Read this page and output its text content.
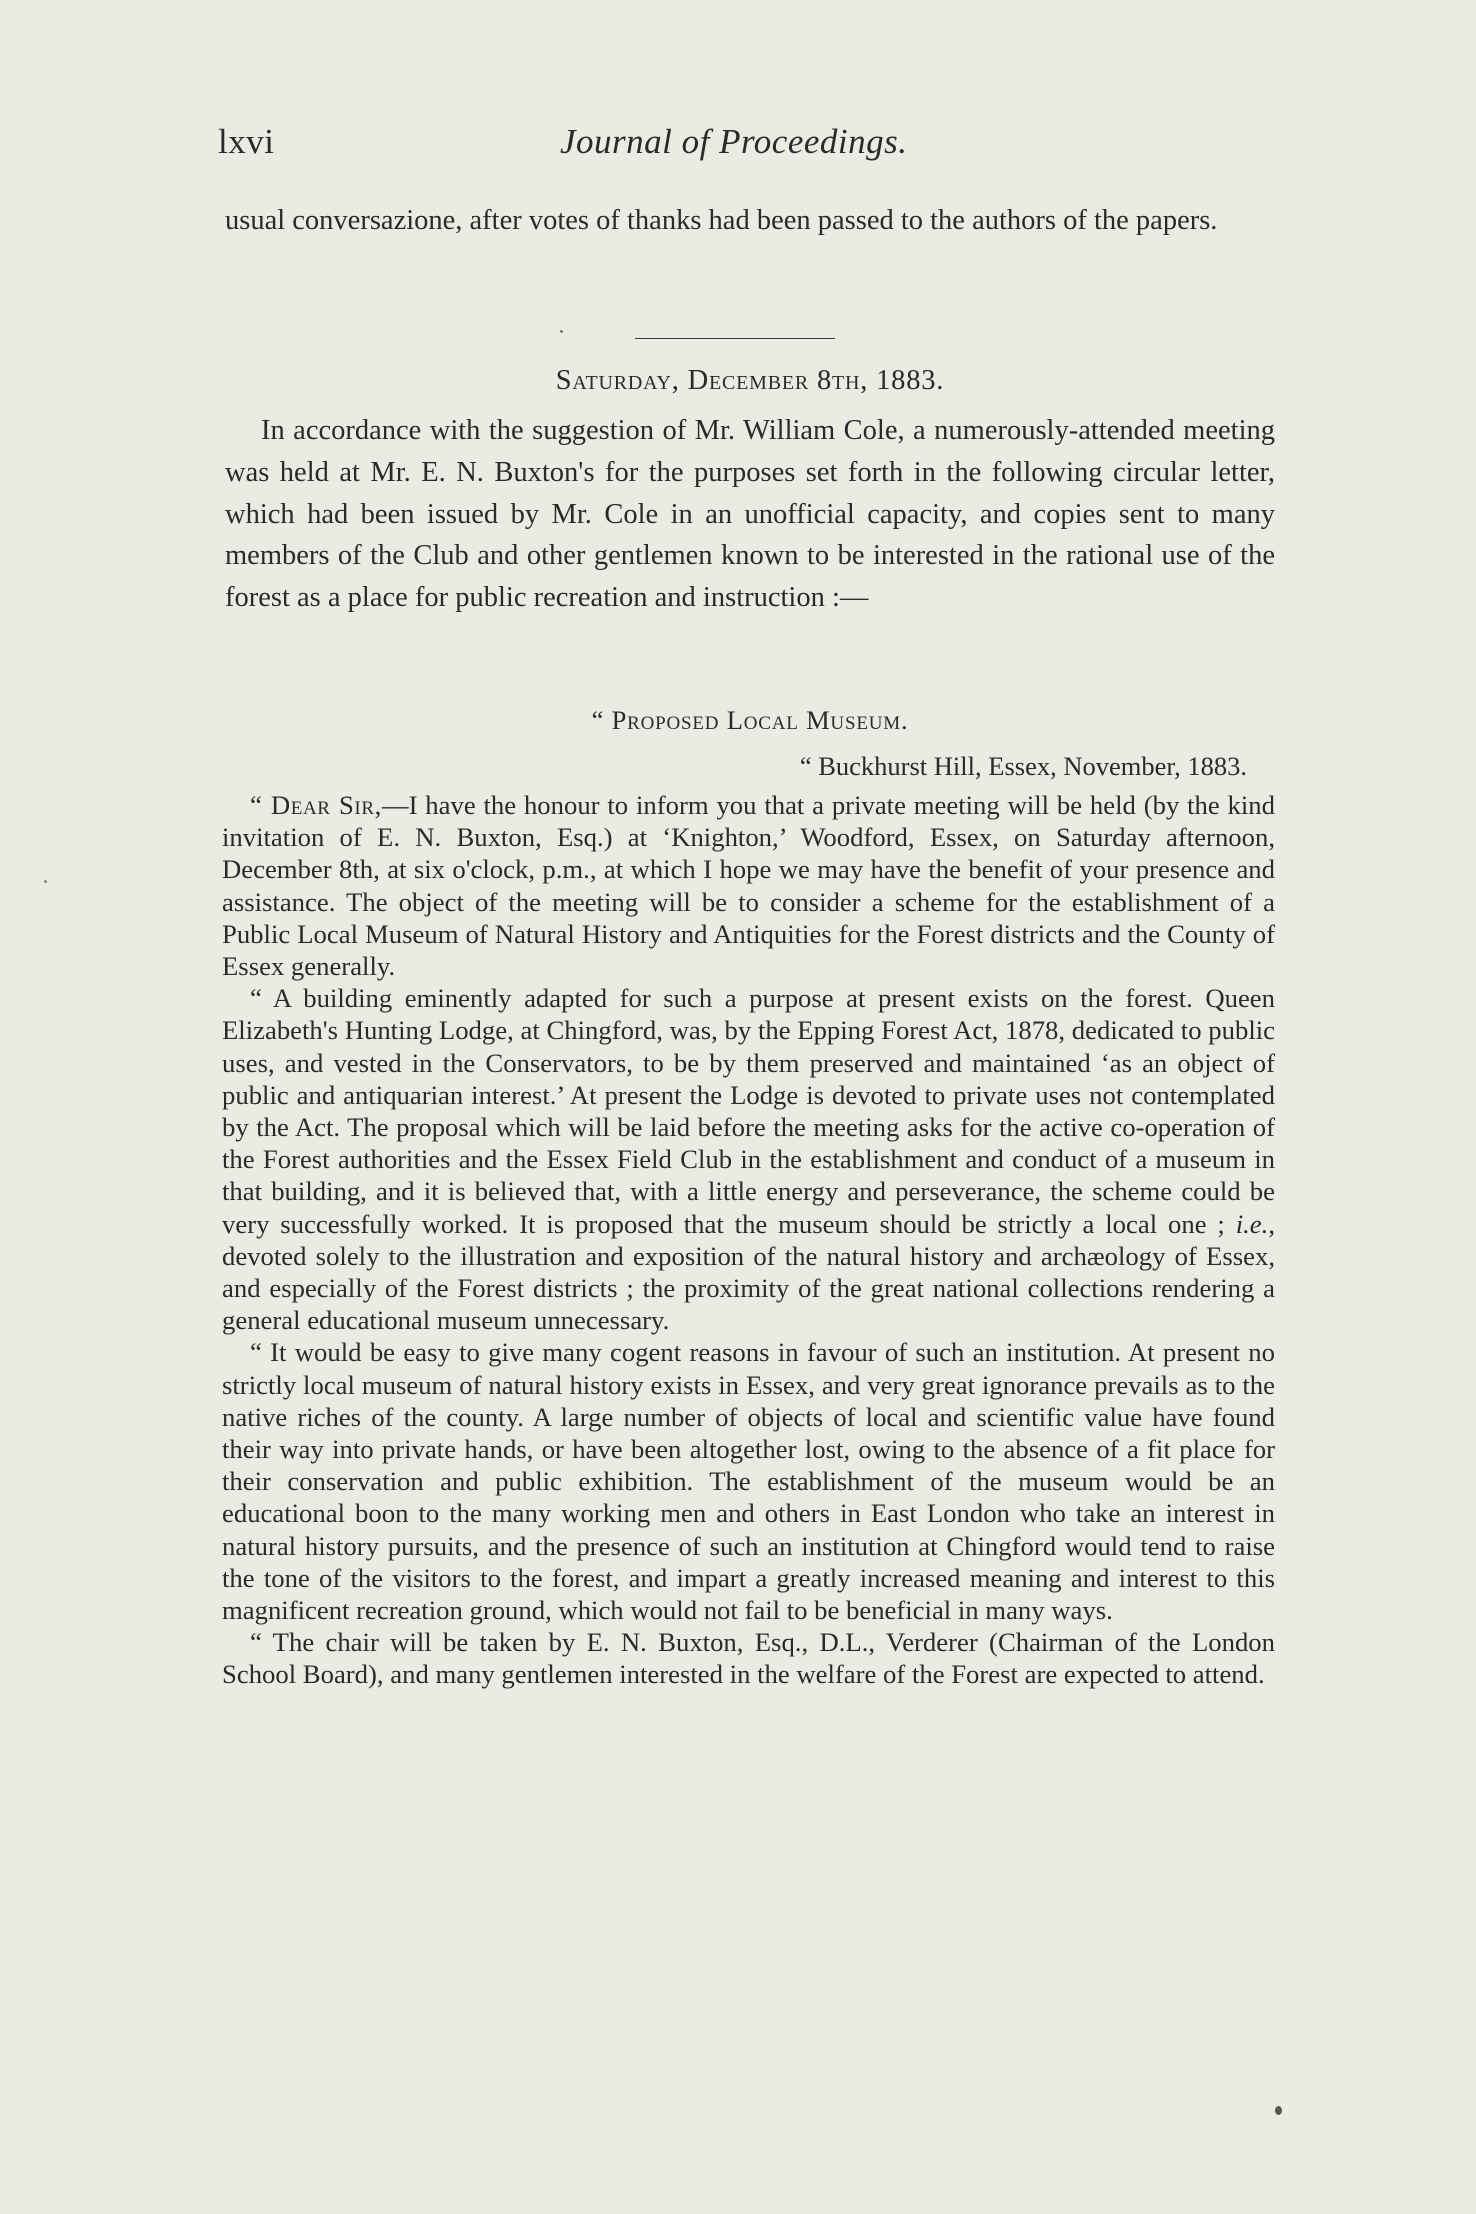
lxvi	Journal of Proceedings.

usual conversazione, after votes of thanks had been passed to the authors of the papers.

Saturday, December 8th, 1883.

In accordance with the suggestion of Mr. William Cole, a numerously-attended meeting was held at Mr. E. N. Buxton's for the purposes set forth in the following circular letter, which had been issued by Mr. Cole in an unofficial capacity, and copies sent to many members of the Club and other gentlemen known to be interested in the rational use of the forest as a place for public recreation and instruction :—

“ Proposed Local Museum.
“ Buckhurst Hill, Essex, November, 1883.

“ Dear Sir,—I have the honour to inform you that a private meeting will be held (by the kind invitation of E. N. Buxton, Esq.) at ‘Knighton,’ Woodford, Essex, on Saturday afternoon, December 8th, at six o'clock, p.m., at which I hope we may have the benefit of your presence and assistance. The object of the meeting will be to consider a scheme for the establishment of a Public Local Museum of Natural History and Antiquities for the Forest districts and the County of Essex generally.

“ A building eminently adapted for such a purpose at present exists on the forest. Queen Elizabeth's Hunting Lodge, at Chingford, was, by the Epping Forest Act, 1878, dedicated to public uses, and vested in the Conservators, to be by them preserved and maintained ‘as an object of public and antiquarian interest.’ At present the Lodge is devoted to private uses not contemplated by the Act. The proposal which will be laid before the meeting asks for the active co-operation of the Forest authorities and the Essex Field Club in the establishment and conduct of a museum in that building, and it is believed that, with a little energy and perseverance, the scheme could be very successfully worked. It is proposed that the museum should be strictly a local one ; i.e., devoted solely to the illustration and exposition of the natural history and archæology of Essex, and especially of the Forest districts ; the proximity of the great national collections rendering a general educational museum unnecessary.

“ It would be easy to give many cogent reasons in favour of such an institution. At present no strictly local museum of natural history exists in Essex, and very great ignorance prevails as to the native riches of the county. A large number of objects of local and scientific value have found their way into private hands, or have been altogether lost, owing to the absence of a fit place for their conservation and public exhibition. The establishment of the museum would be an educational boon to the many working men and others in East London who take an interest in natural history pursuits, and the presence of such an institution at Chingford would tend to raise the tone of the visitors to the forest, and impart a greatly increased meaning and interest to this magnificent recreation ground, which would not fail to be beneficial in many ways.

“ The chair will be taken by E. N. Buxton, Esq., D.L., Verderer (Chairman of the London School Board), and many gentlemen interested in the welfare of the Forest are expected to attend.
